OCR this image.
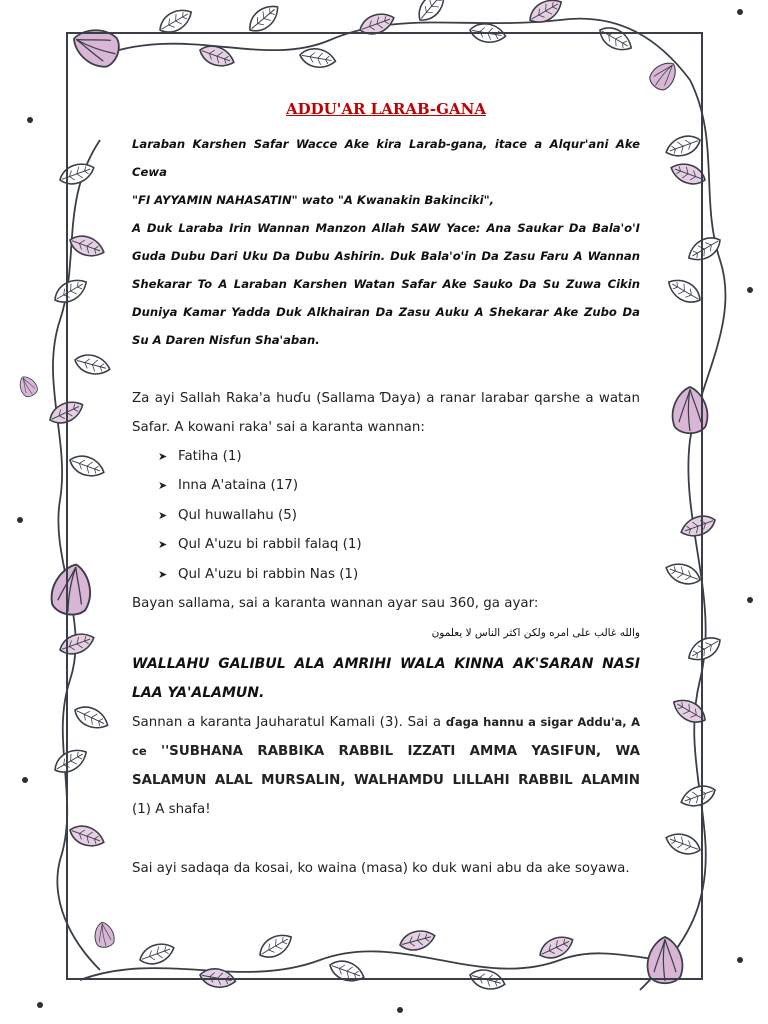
ADDU'AR LARAB-GANA

Laraban Karshen Safar Wacce Ake kira Larab-gana, itace a Alqur'ani Ake Cewa

"FI AYYAMIN NAHASATIN" wato "A Kwanakin Bakinciki",

A Duk Laraba Irin Wannan Manzon Allah SAW Yace: Ana Saukar Da Bala'o'I Guda Dubu Dari Uku Da Dubu Ashirin. Duk Bala'o'in Da Zasu Faru A Wannan Shekarar To A Laraban Karshen Watan Safar Ake Sauko Da Su Zuwa Cikin Duniya Kamar Yadda Duk Alkhairan Da Zasu Auku A Shekarar Ake Zubo Da Su A Daren Nisfun Sha'aban.

Za ayi Sallah Raka'a huɗu (Sallama Ɗaya) a ranar larabar qarshe a watan Safar. A kowani raka' sai a karanta wannan:

➤ Fatiha (1)
➤ Inna A'ataina (17)
➤ Qul huwallahu (5)
➤ Qul A'uzu bi rabbil falaq (1)
➤ Qul A'uzu bi rabbin Nas (1)

Bayan sallama, sai a karanta wannan ayar sau 360, ga ayar:

والله غالب على امره ولكن اكثر الناس لا يعلمون

WALLAHU GALIBUL ALA AMRIHI WALA KINNA AK'SARAN NASI LAA YA'ALAMUN.

Sannan a karanta Jauharatul Kamali (3). Sai a ɗaga hannu a sigar Addu'a, A ce ''SUBHANA RABBIKA RABBIL IZZATI AMMA YASIFUN, WA SALAMUN ALAL MURSALIN, WALHAMDU LILLAHI RABBIL ALAMIN (1) A shafa!

Sai ayi sadaqa da kosai, ko waina (masa) ko duk wani abu da ake soyawa.
